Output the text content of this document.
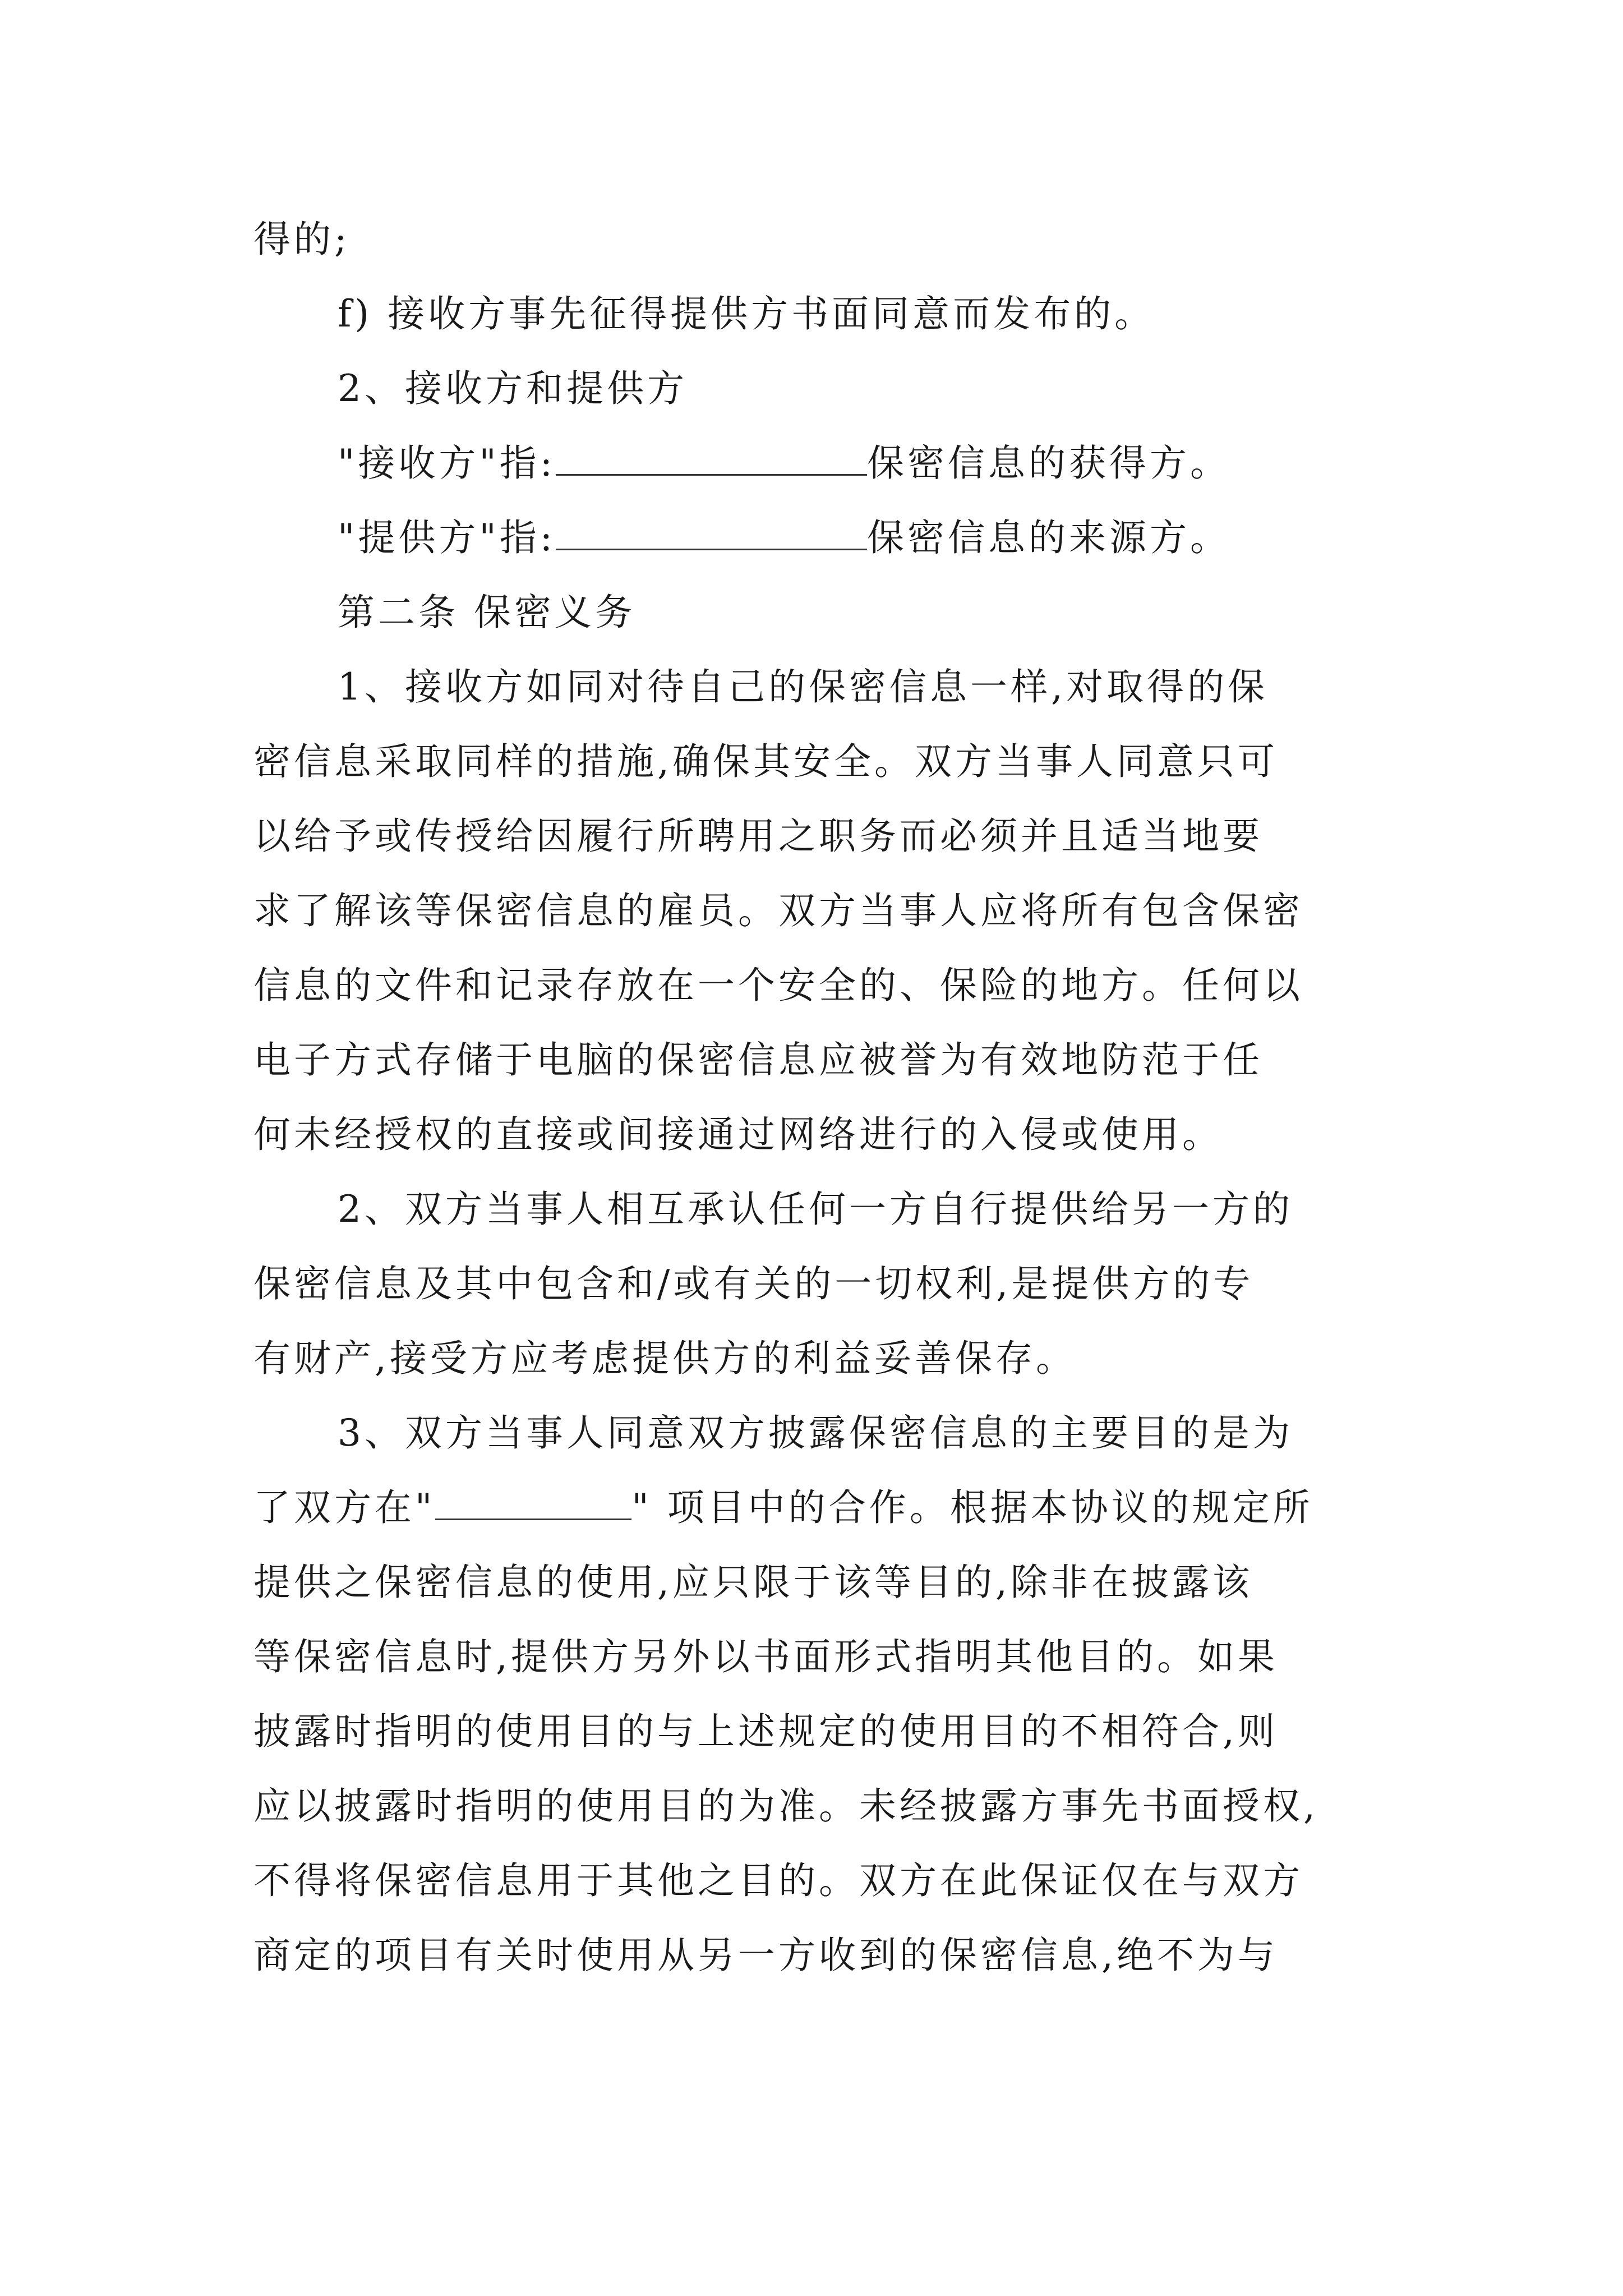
得的;
f) 接收方事先征得提供方书面同意而发布的。
2、接收方和提供方
"接收方"指:	保密信息的获得方。
"提供方"指:	保密信息的来源方。
第二条 保密义务
1、接收方如同对待自己的保密信息一样,对取得的保
密信息采取同样的措施,确保其安全。双方当事人同意只可
以给予或传授给因履行所聘用之职务而必须并且适当地要
求了解该等保密信息的雇员。双方当事人应将所有包含保密
信息的文件和记录存放在一个安全的、保险的地方。任何以
电子方式存储于电脑的保密信息应被誉为有效地防范于任
何未经授权的直接或间接通过网络进行的入侵或使用。
2、双方当事人相互承认任何一方自行提供给另一方的
保密信息及其中包含和/或有关的一切权利,是提供方的专
有财产,接受方应考虑提供方的利益妥善保存。
3、双方当事人同意双方披露保密信息的主要目的是为
了双方在"	" 项目中的合作。根据本协议的规定所
提供之保密信息的使用,应只限于该等目的,除非在披露该
等保密信息时,提供方另外以书面形式指明其他目的。如果
披露时指明的使用目的与上述规定的使用目的不相符合,则
应以披露时指明的使用目的为准。未经披露方事先书面授权,
不得将保密信息用于其他之目的。双方在此保证仅在与双方
商定的项目有关时使用从另一方收到的保密信息,绝不为与
